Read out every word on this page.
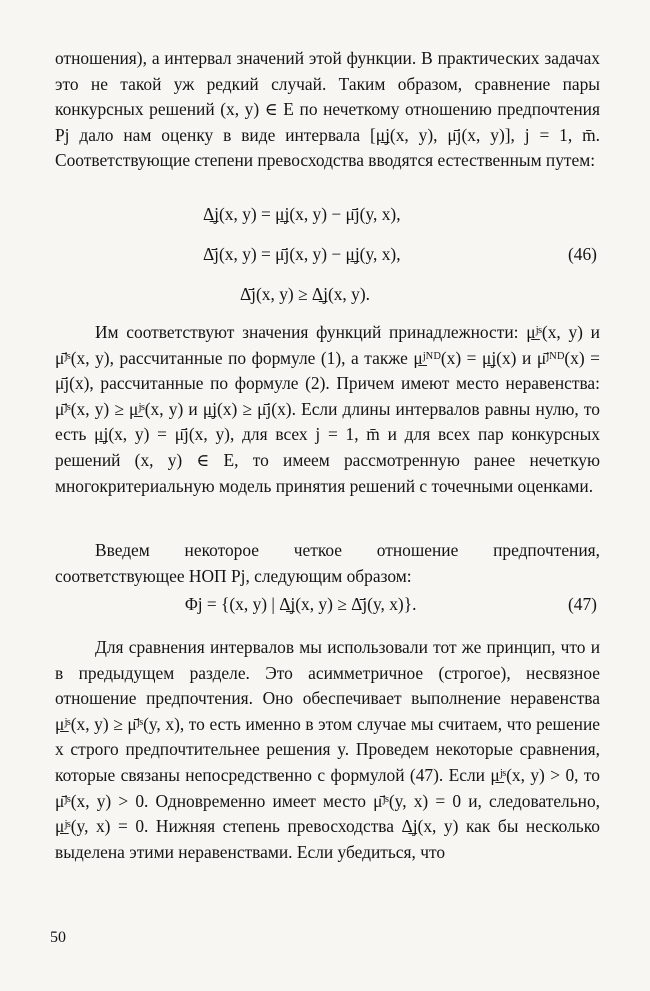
отношения), а интервал значений этой функции. В практических задачах это не такой уж редкий случай. Таким образом, сравнение пары конкурсных решений (x, y) ∈ E по нечеткому отношению предпочтения Pj дало нам оценку в виде интервала [μ̲j(x, y), μ̄j(x, y)], j = 1, m̄. Соответствующие степени превосходства вводятся естественным путем:

Δ̲j(x, y) = μ̲j(x, y) − μ̄j(y, x),
Δ̄j(x, y) = μ̄j(x, y) − μ̲j(y, x),	(46)
Δ̄j(x, y) ≥ Δ̲j(x, y).

Им соответствуют значения функций принадлежности: μ̲ʲˢ(x, y) и μ̄ʲˢ(x, y), рассчитанные по формуле (1), а также μ̲ʲᴺᴰ(x) = μ̲j(x) и μ̄ʲᴺᴰ(x) = μ̄j(x), рассчитанные по формуле (2). Причем имеют место неравенства: μ̄ʲˢ(x, y) ≥ μ̲ʲˢ(x, y) и μ̲j(x) ≥ μ̄j(x). Если длины интервалов равны нулю, то есть μ̲j(x, y) = μ̄j(x, y), для всех j = 1, m̄ и для всех пар конкурсных решений (x, y) ∈ E, то имеем рассмотренную ранее нечеткую многокритериальную модель принятия решений с точечными оценками.

Введем некоторое четкое отношение предпочтения, соответствующее НОП Pj, следующим образом:

Φj = {(x, y) | Δ̲j(x, y) ≥ Δ̄j(y, x)}.	(47)

Для сравнения интервалов мы использовали тот же принцип, что и в предыдущем разделе. Это асимметричное (строгое), несвязное отношение предпочтения. Оно обеспечивает выполнение неравенства μ̲ʲˢ(x, y) ≥ μ̄ʲˢ(y, x), то есть именно в этом случае мы считаем, что решение x строго предпочтительнее решения y. Проведем некоторые сравнения, которые связаны непосредственно с формулой (47). Если μ̲ʲˢ(x, y) > 0, то μ̄ʲˢ(x, y) > 0. Одновременно имеет место μ̄ʲˢ(y, x) = 0 и, следовательно, μ̲ʲˢ(y, x) = 0. Нижняя степень превосходства Δ̲j(x, y) как бы несколько выделена этими неравенствами. Если убедиться, что

50
